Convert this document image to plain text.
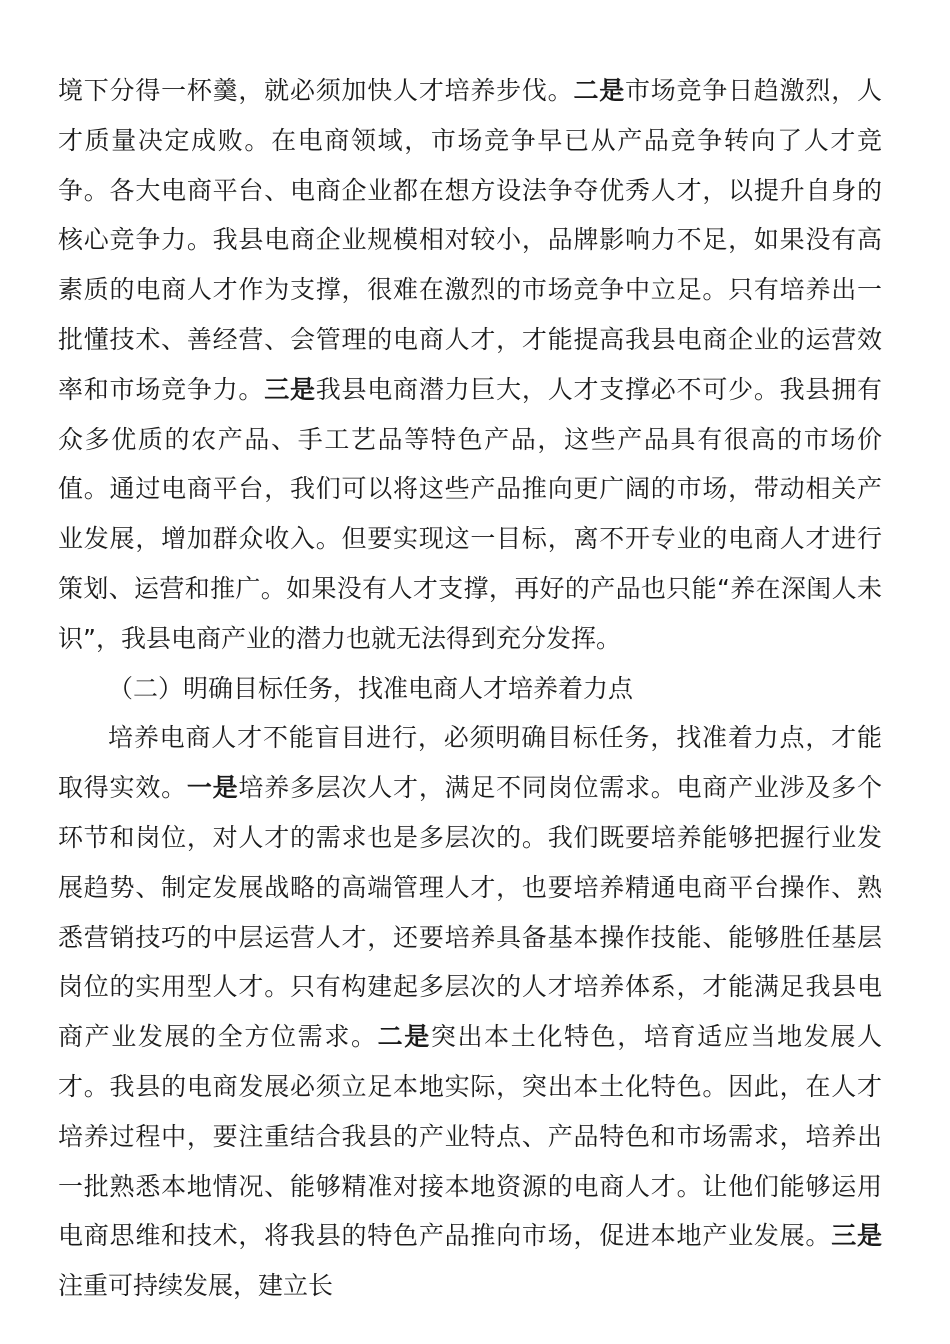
境下分得一杯羹，就必须加快人才培养步伐。二是市场竞争日趋激烈，人才质量决定成败。在电商领域，市场竞争早已从产品竞争转向了人才竞争。各大电商平台、电商企业都在想方设法争夺优秀人才，以提升自身的核心竞争力。我县电商企业规模相对较小，品牌影响力不足，如果没有高素质的电商人才作为支撑，很难在激烈的市场竞争中立足。只有培养出一批懂技术、善经营、会管理的电商人才，才能提高我县电商企业的运营效率和市场竞争力。三是我县电商潜力巨大，人才支撑必不可少。我县拥有众多优质的农产品、手工艺品等特色产品，这些产品具有很高的市场价值。通过电商平台，我们可以将这些产品推向更广阔的市场，带动相关产业发展，增加群众收入。但要实现这一目标，离不开专业的电商人才进行策划、运营和推广。如果没有人才支撑，再好的产品也只能“养在深闺人未识”，我县电商产业的潜力也就无法得到充分发挥。

（二）明确目标任务，找准电商人才培养着力点

培养电商人才不能盲目进行，必须明确目标任务，找准着力点，才能取得实效。一是培养多层次人才，满足不同岗位需求。电商产业涉及多个环节和岗位，对人才的需求也是多层次的。我们既要培养能够把握行业发展趋势、制定发展战略的高端管理人才，也要培养精通电商平台操作、熟悉营销技巧的中层运营人才，还要培养具备基本操作技能、能够胜任基层岗位的实用型人才。只有构建起多层次的人才培养体系，才能满足我县电商产业发展的全方位需求。二是突出本土化特色，培育适应当地发展人才。我县的电商发展必须立足本地实际，突出本土化特色。因此，在人才培养过程中，要注重结合我县的产业特点、产品特色和市场需求，培养出一批熟悉本地情况、能够精准对接本地资源的电商人才。让他们能够运用电商思维和技术，将我县的特色产品推向市场，促进本地产业发展。三是注重可持续发展，建立长
